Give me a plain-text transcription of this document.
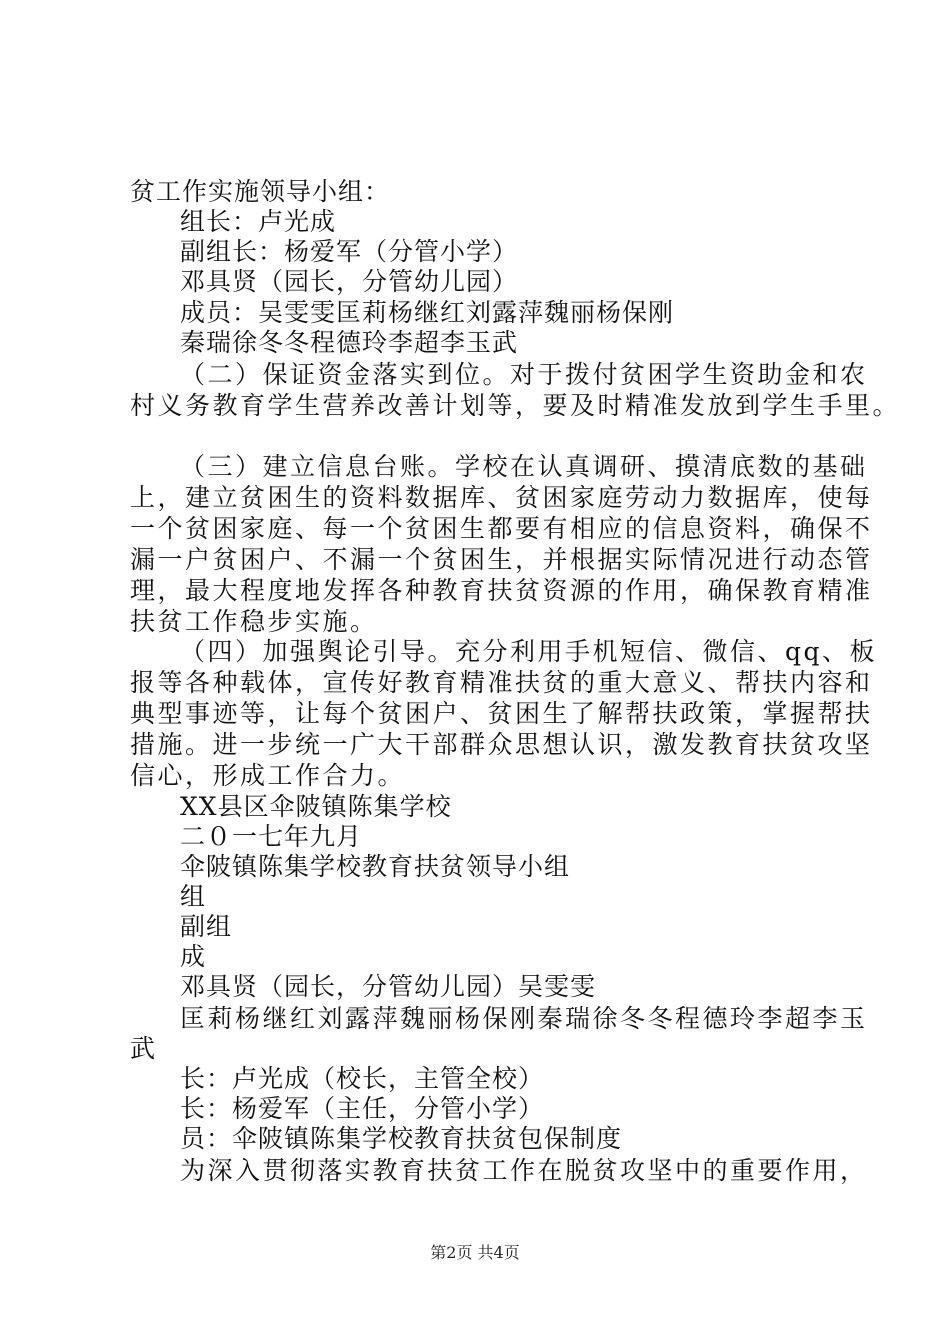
贫工作实施领导小组：
组长：卢光成
副组长：杨爱军（分管小学）
邓具贤（园长，分管幼儿园）
成员：吴雯雯匡莉杨继红刘露萍魏丽杨保刚
秦瑞徐冬冬程德玲李超李玉武
（二）保证资金落实到位。对于拨付贫困学生资助金和农
村义务教育学生营养改善计划等，要及时精准发放到学生手里。
（三）建立信息台账。学校在认真调研、摸清底数的基础
上，建立贫困生的资料数据库、贫困家庭劳动力数据库，使每
一个贫困家庭、每一个贫困生都要有相应的信息资料，确保不
漏一户贫困户、不漏一个贫困生，并根据实际情况进行动态管
理，最大程度地发挥各种教育扶贫资源的作用，确保教育精准
扶贫工作稳步实施。
（四）加强舆论引导。充分利用手机短信、微信、qq、板
报等各种载体，宣传好教育精准扶贫的重大意义、帮扶内容和
典型事迹等，让每个贫困户、贫困生了解帮扶政策，掌握帮扶
措施。进一步统一广大干部群众思想认识，激发教育扶贫攻坚
信心，形成工作合力。
XX县区伞陂镇陈集学校
二０一七年九月
伞陂镇陈集学校教育扶贫领导小组
组
副组
成
邓具贤（园长，分管幼儿园）吴雯雯
匡莉杨继红刘露萍魏丽杨保刚秦瑞徐冬冬程德玲李超李玉
武
长：卢光成（校长，主管全校）
长：杨爱军（主任，分管小学）
员：伞陂镇陈集学校教育扶贫包保制度
为深入贯彻落实教育扶贫工作在脱贫攻坚中的重要作用，
第2页 共4页
